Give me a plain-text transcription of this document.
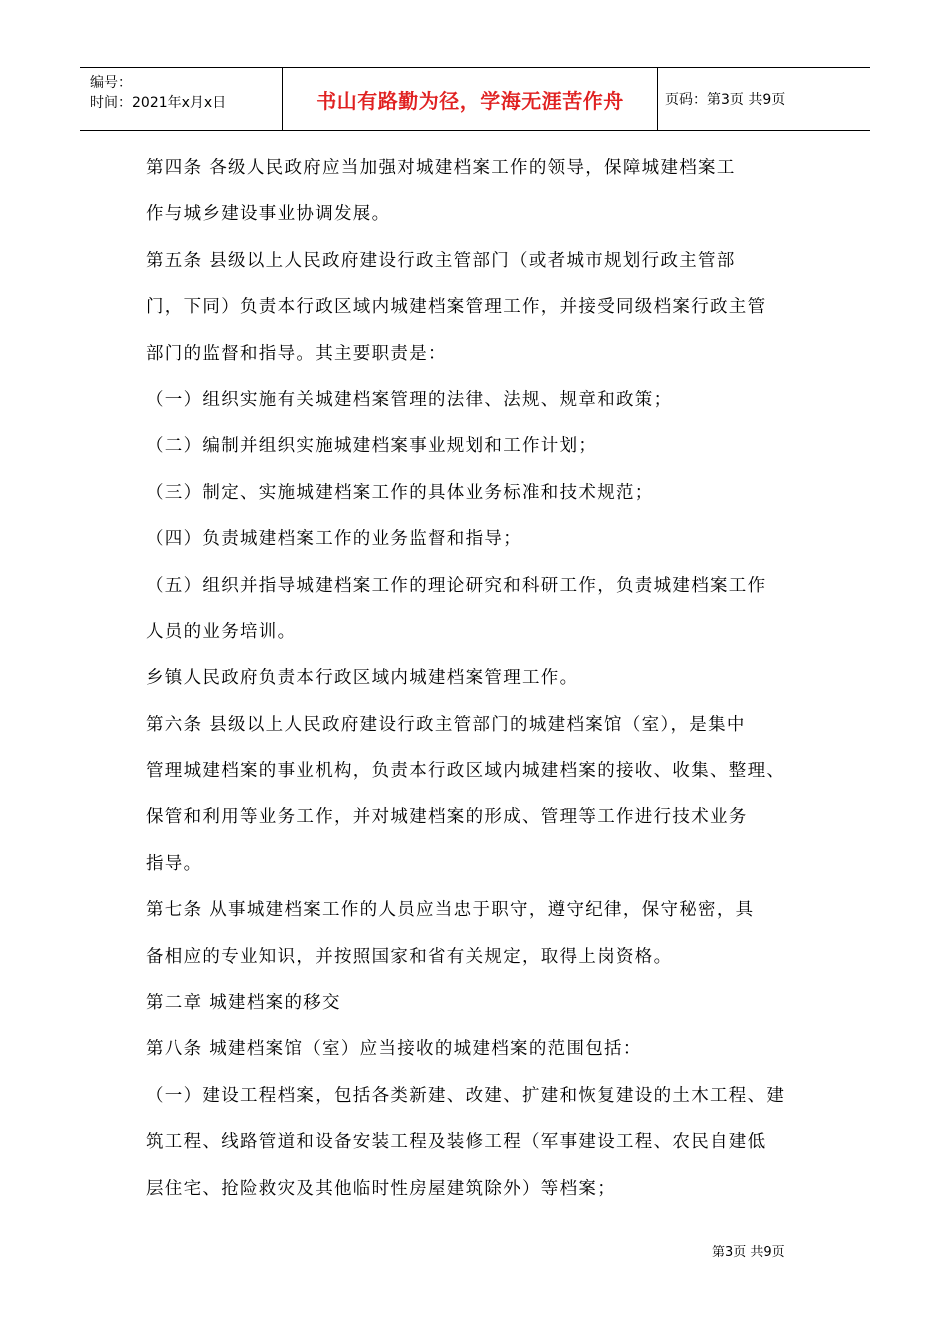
编号：
时间：2021年x月x日	书山有路勤为径，学海无涯苦作舟	页码：第3页 共9页
第四条 各级人民政府应当加强对城建档案工作的领导，保障城建档案工
作与城乡建设事业协调发展。
第五条 县级以上人民政府建设行政主管部门（或者城市规划行政主管部
门，下同）负责本行政区域内城建档案管理工作，并接受同级档案行政主管
部门的监督和指导。其主要职责是：
（一）组织实施有关城建档案管理的法律、法规、规章和政策；
（二）编制并组织实施城建档案事业规划和工作计划；
（三）制定、实施城建档案工作的具体业务标准和技术规范；
（四）负责城建档案工作的业务监督和指导；
（五）组织并指导城建档案工作的理论研究和科研工作，负责城建档案工作
人员的业务培训。
乡镇人民政府负责本行政区域内城建档案管理工作。
第六条 县级以上人民政府建设行政主管部门的城建档案馆（室），是集中
管理城建档案的事业机构，负责本行政区域内城建档案的接收、收集、整理、
保管和利用等业务工作，并对城建档案的形成、管理等工作进行技术业务
指导。
第七条 从事城建档案工作的人员应当忠于职守，遵守纪律，保守秘密，具
备相应的专业知识，并按照国家和省有关规定，取得上岗资格。
第二章 城建档案的移交
第八条 城建档案馆（室）应当接收的城建档案的范围包括：
（一）建设工程档案，包括各类新建、改建、扩建和恢复建设的土木工程、建
筑工程、线路管道和设备安装工程及装修工程（军事建设工程、农民自建低
层住宅、抢险救灾及其他临时性房屋建筑除外）等档案；
第3页 共9页
